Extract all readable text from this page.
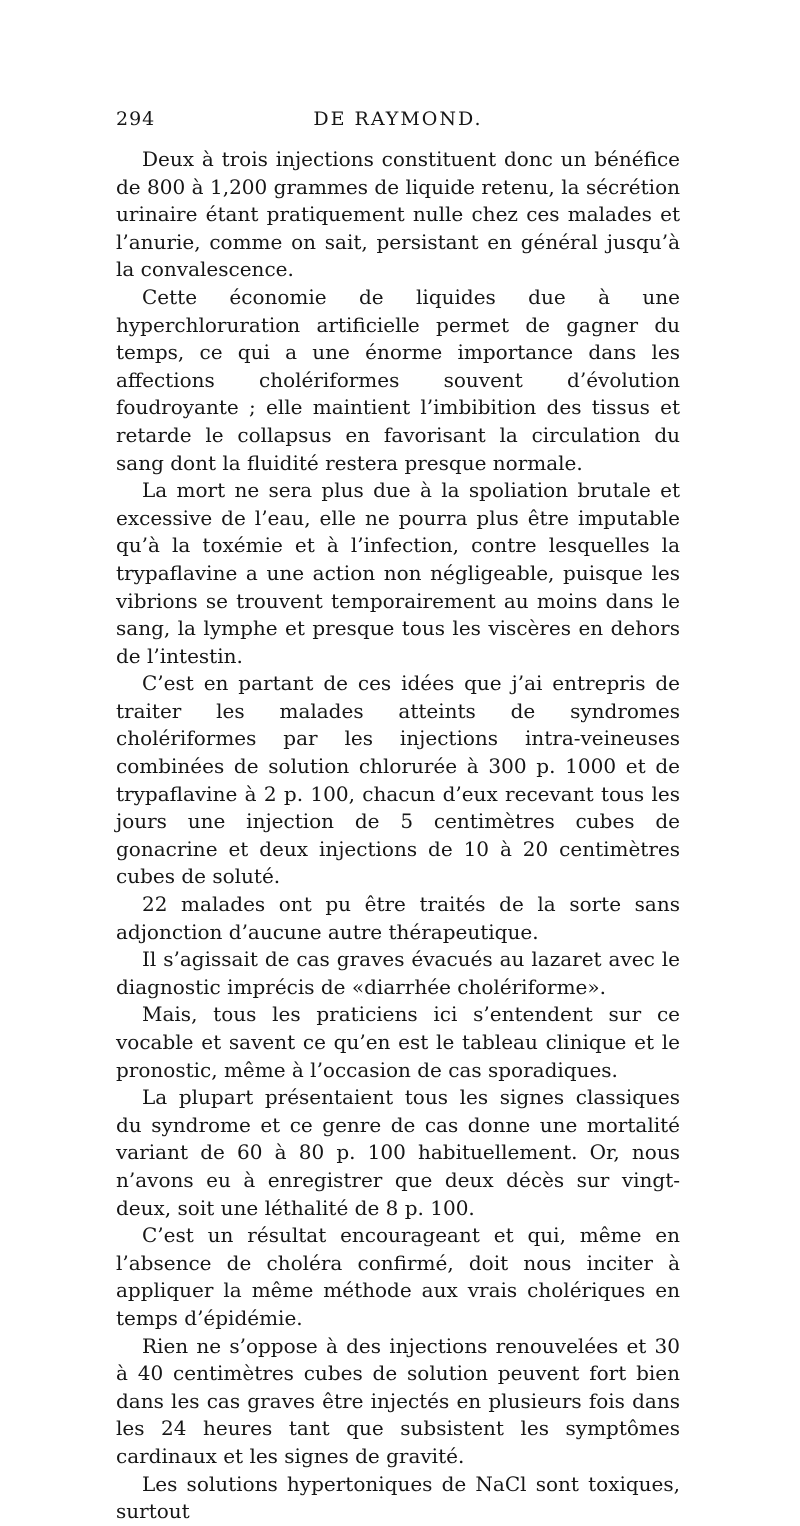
294	DE RAYMOND.

Deux à trois injections constituent donc un bénéfice de 800 à 1,200 grammes de liquide retenu, la sécrétion urinaire étant pratiquement nulle chez ces malades et l’anurie, comme on sait, persistant en général jusqu’à la convalescence.

Cette économie de liquides due à une hyperchloruration artificielle permet de gagner du temps, ce qui a une énorme importance dans les affections cholériformes souvent d’évolution foudroyante ; elle maintient l’imbibition des tissus et retarde le collapsus en favorisant la circulation du sang dont la fluidité restera presque normale.

La mort ne sera plus due à la spoliation brutale et excessive de l’eau, elle ne pourra plus être imputable qu’à la toxémie et à l’infection, contre lesquelles la trypaflavine a une action non négligeable, puisque les vibrions se trouvent temporairement au moins dans le sang, la lymphe et presque tous les viscères en dehors de l’intestin.

C’est en partant de ces idées que j’ai entrepris de traiter les malades atteints de syndromes cholériformes par les injections intra-veineuses combinées de solution chlorurée à 300 p. 1000 et de trypaflavine à 2 p. 100, chacun d’eux recevant tous les jours une injection de 5 centimètres cubes de gonacrine et deux injections de 10 à 20 centimètres cubes de soluté.

22 malades ont pu être traités de la sorte sans adjonction d’aucune autre thérapeutique.

Il s’agissait de cas graves évacués au lazaret avec le diagnostic imprécis de «diarrhée cholériforme».

Mais, tous les praticiens ici s’entendent sur ce vocable et savent ce qu’en est le tableau clinique et le pronostic, même à l’occasion de cas sporadiques.

La plupart présentaient tous les signes classiques du syndrome et ce genre de cas donne une mortalité variant de 60 à 80 p. 100 habituellement. Or, nous n’avons eu à enregistrer que deux décès sur vingt-deux, soit une léthalité de 8 p. 100.

C’est un résultat encourageant et qui, même en l’absence de choléra confirmé, doit nous inciter à appliquer la même méthode aux vrais cholériques en temps d’épidémie.

Rien ne s’oppose à des injections renouvelées et 30 à 40 centimètres cubes de solution peuvent fort bien dans les cas graves être injectés en plusieurs fois dans les 24 heures tant que subsistent les symptômes cardinaux et les signes de gravité.

Les solutions hypertoniques de NaCl sont toxiques, surtout
